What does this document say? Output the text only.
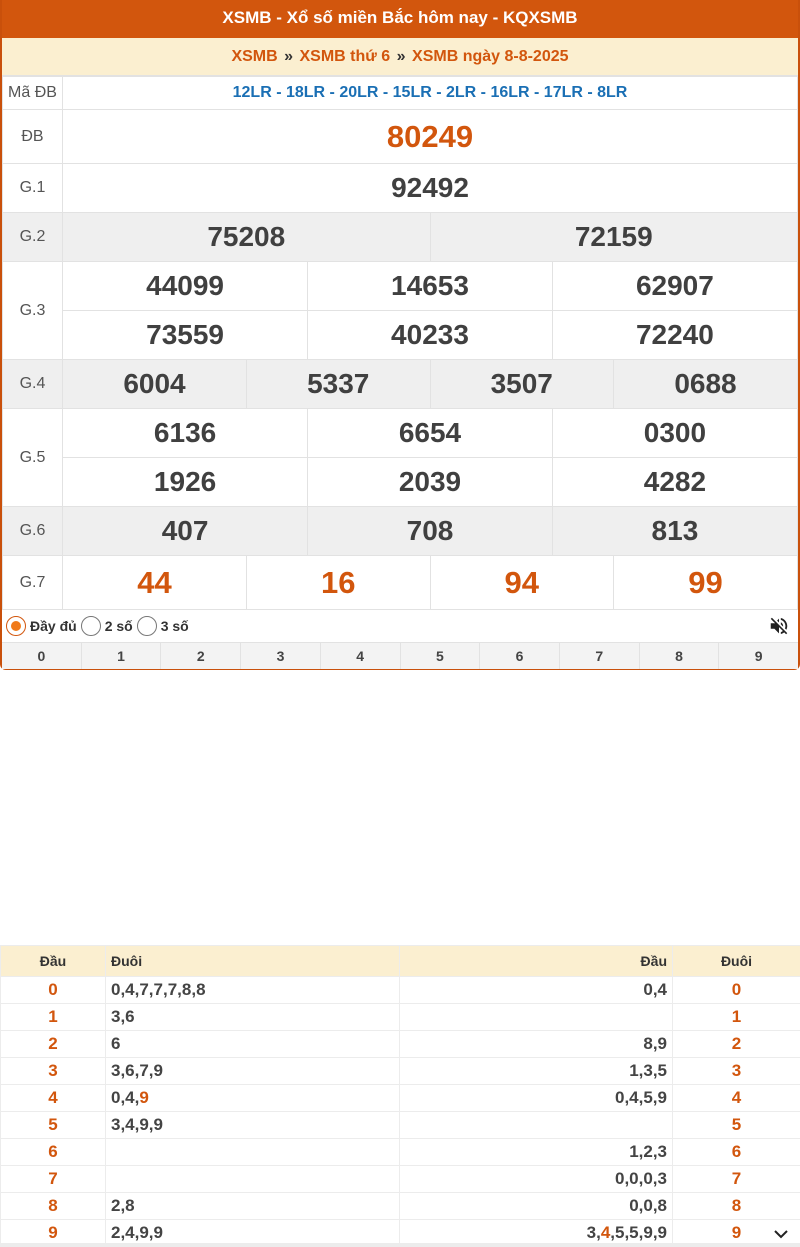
XSMB - Xổ số miền Bắc hôm nay - KQXSMB
XSMB » XSMB thứ 6 » XSMB ngày 8-8-2025
Mã ĐB	12LR - 18LR - 20LR - 15LR - 2LR - 16LR - 17LR - 8LR
ĐB	80249
G.1	92492
G.2		75208	72159

G.3	
44099	14653	62907
73559	40233	72240

G.4		6004	5337	3507	0688

G.5	
6136	6654	0300
1926	2039	4282

G.6		407	708	813

G.7		44	16	94	99
Đầy đủ 2 số 3 số
0	1	2	3	4	5	6	7	8	9
Đầu	Đuôi	Đầu	Đuôi
0	0,4,7,7,7,8,8	0,4	0
1	3,6		1
2	6	8,9	2
3	3,6,7,9	1,3,5	3
4	0,4,9	0,4,5,9	4
5	3,4,9,9		5
6		1,2,3	6
7		0,0,0,3	7
8	2,8	0,0,8	8
9	2,4,9,9	3,4,5,5,9,9	9
